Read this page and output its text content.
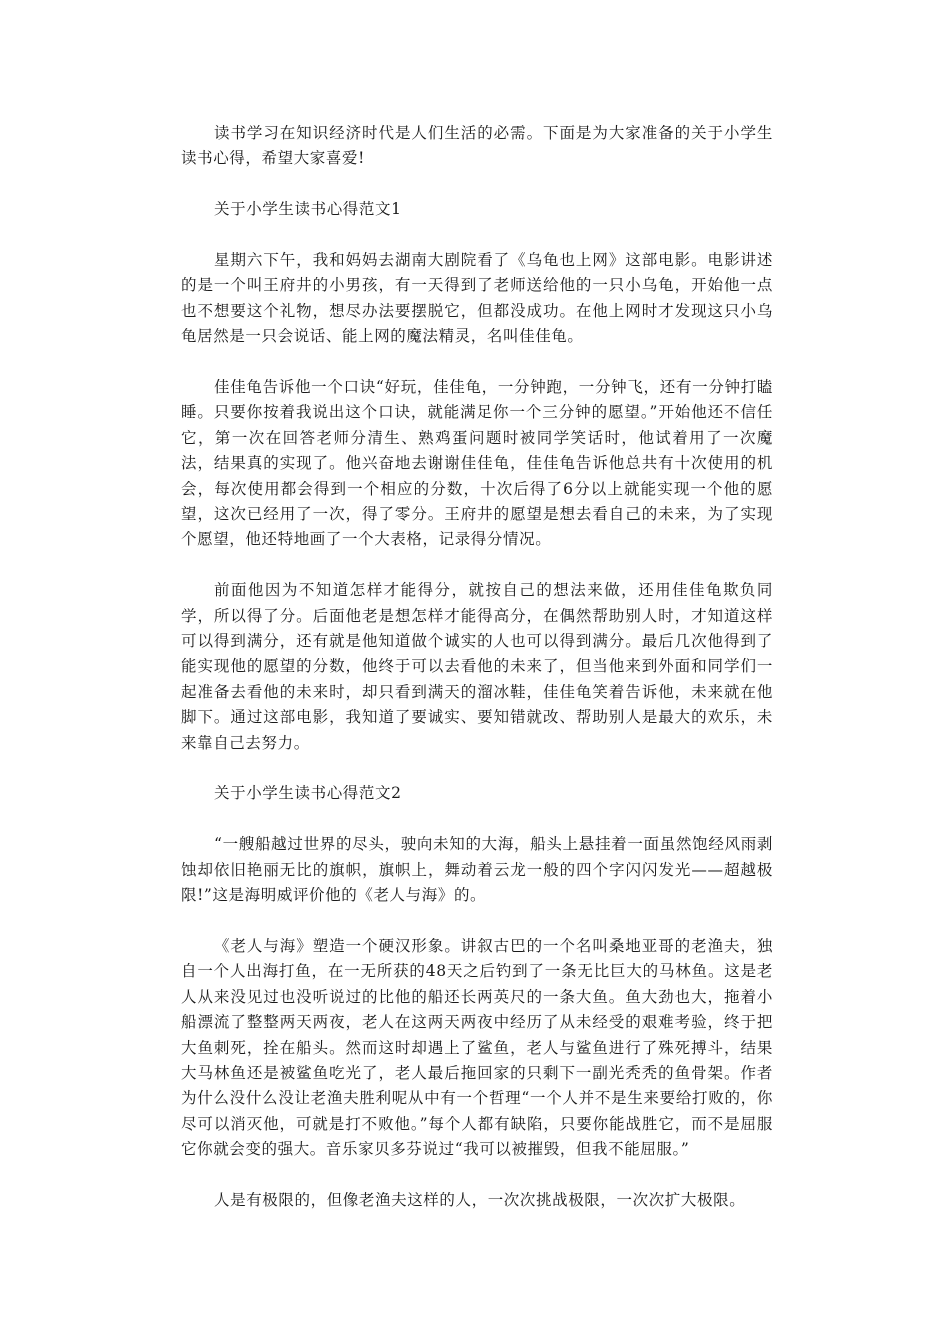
读书学习在知识经济时代是人们生活的必需。下面是为大家准备的关于小学生读书心得，希望大家喜爱!

关于小学生读书心得范文1

星期六下午，我和妈妈去湖南大剧院看了《乌龟也上网》这部电影。电影讲述的是一个叫王府井的小男孩，有一天得到了老师送给他的一只小乌龟，开始他一点也不想要这个礼物，想尽办法要摆脱它，但都没成功。在他上网时才发现这只小乌龟居然是一只会说话、能上网的魔法精灵，名叫佳佳龟。

佳佳龟告诉他一个口诀“好玩，佳佳龟，一分钟跑，一分钟飞，还有一分钟打瞌睡。只要你按着我说出这个口诀，就能满足你一个三分钟的愿望。”开始他还不信任它，第一次在回答老师分清生、熟鸡蛋问题时被同学笑话时，他试着用了一次魔法，结果真的实现了。他兴奋地去谢谢佳佳龟，佳佳龟告诉他总共有十次使用的机会，每次使用都会得到一个相应的分数，十次后得了6分以上就能实现一个他的愿望，这次已经用了一次，得了零分。王府井的愿望是想去看自己的未来，为了实现个愿望，他还特地画了一个大表格，记录得分情况。

前面他因为不知道怎样才能得分，就按自己的想法来做，还用佳佳龟欺负同学，所以得了分。后面他老是想怎样才能得高分，在偶然帮助别人时，才知道这样可以得到满分，还有就是他知道做个诚实的人也可以得到满分。最后几次他得到了能实现他的愿望的分数，他终于可以去看他的未来了，但当他来到外面和同学们一起准备去看他的未来时，却只看到满天的溜冰鞋，佳佳龟笑着告诉他，未来就在他脚下。通过这部电影，我知道了要诚实、要知错就改、帮助别人是最大的欢乐，未来靠自己去努力。

关于小学生读书心得范文2

“一艘船越过世界的尽头，驶向未知的大海，船头上悬挂着一面虽然饱经风雨剥蚀却依旧艳丽无比的旗帜，旗帜上，舞动着云龙一般的四个字闪闪发光——超越极限!”这是海明威评价他的《老人与海》的。

《老人与海》塑造一个硬汉形象。讲叙古巴的一个名叫桑地亚哥的老渔夫，独自一个人出海打鱼，在一无所获的48天之后钓到了一条无比巨大的马林鱼。这是老人从来没见过也没听说过的比他的船还长两英尺的一条大鱼。鱼大劲也大，拖着小船漂流了整整两天两夜，老人在这两天两夜中经历了从未经受的艰难考验，终于把大鱼刺死，拴在船头。然而这时却遇上了鲨鱼，老人与鲨鱼进行了殊死搏斗，结果大马林鱼还是被鲨鱼吃光了，老人最后拖回家的只剩下一副光秃秃的鱼骨架。作者为什么没什么没让老渔夫胜利呢从中有一个哲理“一个人并不是生来要给打败的，你尽可以消灭他，可就是打不败他。”每个人都有缺陷，只要你能战胜它，而不是屈服它你就会变的强大。音乐家贝多芬说过“我可以被摧毁，但我不能屈服。”

人是有极限的，但像老渔夫这样的人，一次次挑战极限，一次次扩大极限。
